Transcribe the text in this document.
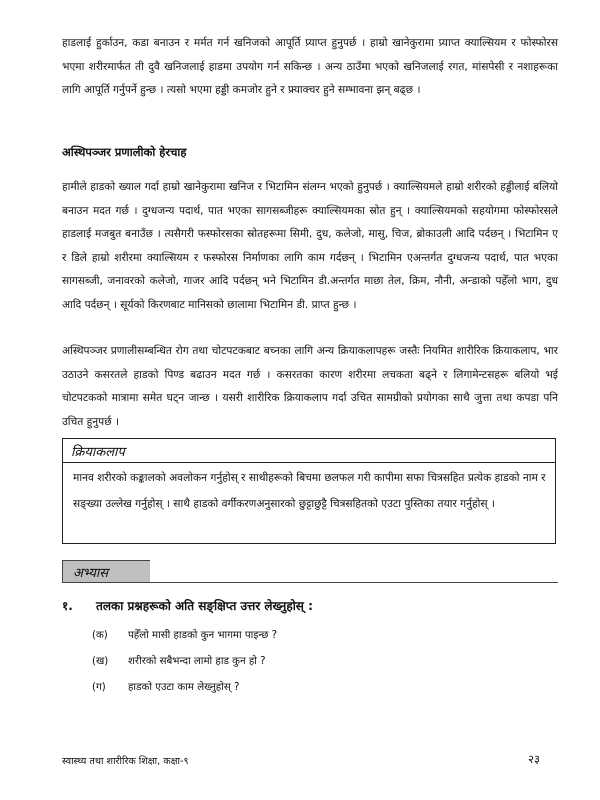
हाडलाई हुर्काउन, कडा बनाउन र मर्मत गर्न खनिजको आपूर्ति प्र्याप्त हुनुपर्छ । हाम्रो खानेकुरामा प्र्याप्त क्याल्सियम र फोस्फोरस भएमा शरीरमार्फत ती दुवै खनिजलाई हाडमा उपयोग गर्न सकिन्छ । अन्य ठाउँमा भएको खनिजलाई रगत, मांसपेसी र नशाहरूका लागि आपूर्ति गर्नुपर्ने हुन्छ । त्यसो भएमा हड्डी कमजोर हुने र फ्र्याक्चर हुने सम्भावना झन् बढ्छ ।

अस्थिपञ्जर प्रणालीको हेरचाह

हामीले हाडको ख्याल गर्दा हाम्रो खानेकुरामा खनिज र भिटामिन संलग्न भएको हुनुपर्छ । क्याल्सियमले हाम्रो शरीरको हड्डीलाई बलियो बनाउन मदत गर्छ । दुग्धजन्य पदार्थ, पात भएका सागसब्जीहरू क्याल्सियमका स्रोत हुन् । क्याल्सियमको सहयोगमा फोस्फोरसले हाडलाई मजबुत बनाउँछ । त्यसैगरी फस्फोरसका स्रोतहरूमा सिमी, दुध, कलेजो, मासु, चिज, ब्रोकाउली आदि पर्दछन् । भिटामिन ए र डिले हाम्रो शरीरमा क्याल्सियम र फस्फोरस निर्माणका लागि काम गर्दछन् । भिटामिन एअन्तर्गत दुग्धजन्य पदार्थ, पात भएका सागसब्जी, जनावरको कलेजो, गाजर आदि पर्दछन् भने भिटामिन डी.अन्तर्गत माछा तेल, क्रिम, नौनी, अन्डाको पहेँलो भाग, दुध आदि पर्दछन् । सूर्यको किरणबाट मानिसको छालामा भिटामिन डी. प्राप्त हुन्छ ।

अस्थिपञ्जर प्रणालीसम्बन्धित रोग तथा चोटपटकबाट बच्नका लागि अन्य क्रियाकलापहरू जस्तैः नियमित शारीरिक क्रियाकलाप, भार उठाउने कसरतले हाडको पिण्ड बढाउन मदत गर्छ । कसरतका कारण शरीरमा लचकता बढ्ने र लिगामेन्टसहरू बलियो भई चोटपटकको मात्रामा समेत घट्न जान्छ । यसरी शारीरिक क्रियाकलाप गर्दा उचित सामग्रीको प्रयोगका साथै जुत्ता तथा कपडा पनि उचित हुनुपर्छ ।

क्रियाकलाप

मानव शरीरको कङ्कालको अवलोकन गर्नुहोस् र साथीहरूको बिचमा छलफल गरी कापीमा सफा चित्रसहित प्रत्येक हाडको नाम र सङ्ख्या उल्लेख गर्नुहोस् । साथै हाडको वर्गीकरणअनुसारको छुट्टाछुट्टै चित्रसहितको एउटा पुस्तिका तयार गर्नुहोस् ।

अभ्यास
१. तलका प्रश्नहरूको अति सङ्क्षिप्त उत्तर लेख्नुहोस् :
(क) पहेँलो मासी हाडको कुन भागमा पाइन्छ ?
(ख) शरीरको सबैभन्दा लामो हाड कुन हो ?
(ग) हाडको एउटा काम लेख्नुहोस् ?
स्वास्थ्य तथा शारीरिक शिक्षा, कक्षा-९	२३
